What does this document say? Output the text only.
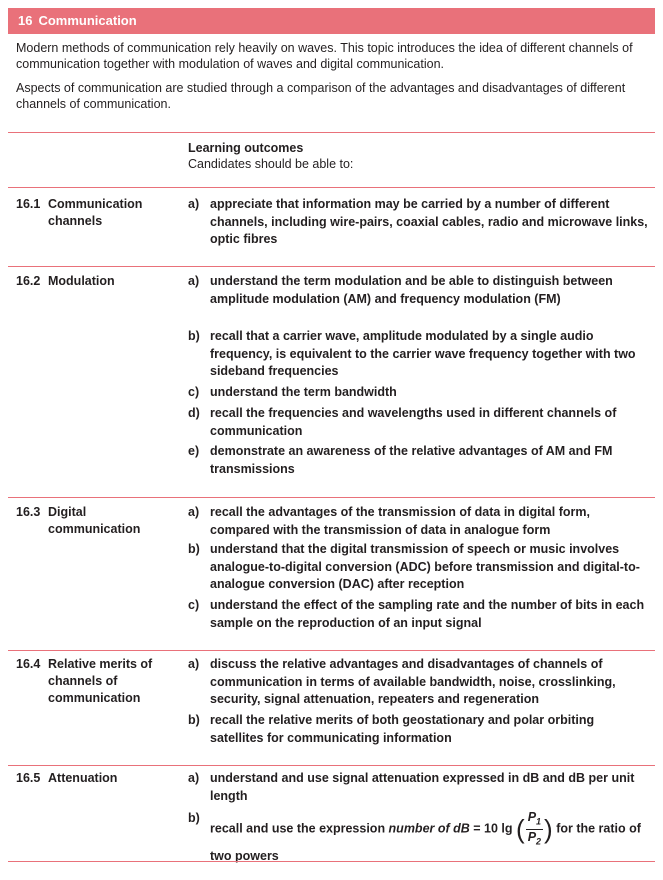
16 Communication

Modern methods of communication rely heavily on waves. This topic introduces the idea of different channels of communication together with modulation of waves and digital communication.

Aspects of communication are studied through a comparison of the advantages and disadvantages of different channels of communication.

Learning outcomes
Candidates should be able to:
16.1 Communication channels
a) appreciate that information may be carried by a number of different channels, including wire-pairs, coaxial cables, radio and microwave links, optic fibres
16.2 Modulation	a) understand the term modulation and be able to distinguish between amplitude modulation (AM) and frequency modulation (FM)
b) recall that a carrier wave, amplitude modulated by a single audio frequency, is equivalent to the carrier wave frequency together with two sideband frequencies
c) understand the term bandwidth
d) recall the frequencies and wavelengths used in different channels of communication
e) demonstrate an awareness of the relative advantages of AM and FM transmissions
16.3 Digital communication
a) recall the advantages of the transmission of data in digital form, compared with the transmission of data in analogue form
b) understand that the digital transmission of speech or music involves analogue-to-digital conversion (ADC) before transmission and digital-to-analogue conversion (DAC) after reception
c) understand the effect of the sampling rate and the number of bits in each sample on the reproduction of an input signal
16.4 Relative merits of channels of communication
a) discuss the relative advantages and disadvantages of channels of communication in terms of available bandwidth, noise, crosslinking, security, signal attenuation, repeaters and regeneration
b) recall the relative merits of both geostationary and polar orbiting satellites for communicating information
16.5 Attenuation	a) understand and use signal attenuation expressed in dB and dB per unit length
b)
recall and use the expression number of dB = 10 lg ( $\frac{P_1}{P_2}$ ) for the ratio of two powers
